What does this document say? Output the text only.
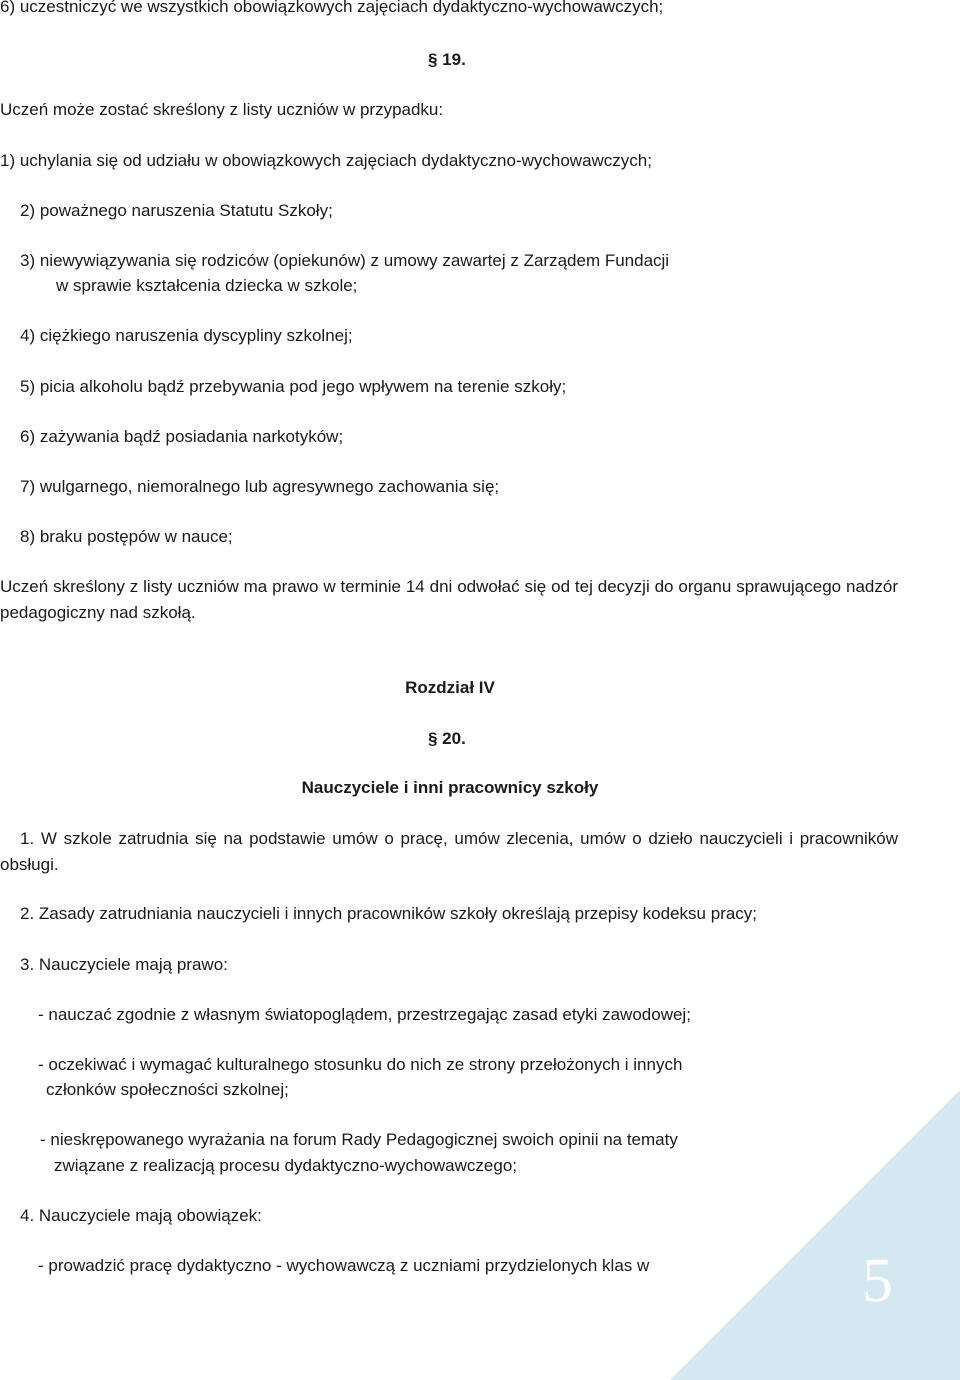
5
6) uczestniczyć we wszystkich obowiązkowych zajęciach dydaktyczno-wychowawczych;
§ 19.
Uczeń może zostać skreślony z listy uczniów w przypadku:
1) uchylania się od udziału w obowiązkowych zajęciach dydaktyczno-wychowawczych;
2) poważnego naruszenia Statutu Szkoły;
3) niewywiązywania się rodziców (opiekunów) z umowy zawartej z Zarządem Fundacji
w sprawie kształcenia dziecka w szkole;
4) ciężkiego naruszenia dyscypliny szkolnej;
5) picia alkoholu bądź przebywania pod jego wpływem na terenie szkoły;
6) zażywania bądź posiadania narkotyków;
7) wulgarnego, niemoralnego lub agresywnego zachowania się;
8) braku postępów w nauce;
Uczeń skreślony z listy uczniów ma prawo w terminie 14 dni odwołać się od tej decyzji do organu sprawującego nadzór pedagogiczny nad szkołą.
Rozdział IV
§ 20.
Nauczyciele i inni pracownicy szkoły
1. W szkole zatrudnia się na podstawie umów o pracę, umów zlecenia, umów o dzieło nauczycieli i pracowników obsługi.
2. Zasady zatrudniania nauczycieli i innych pracowników szkoły określają przepisy kodeksu pracy;
3. Nauczyciele mają prawo:
- nauczać zgodnie z własnym światopoglądem, przestrzegając zasad etyki zawodowej;
- oczekiwać i wymagać kulturalnego stosunku do nich ze strony przełożonych i innych
członków społeczności szkolnej;
- nieskrępowanego wyrażania na forum Rady Pedagogicznej swoich opinii na tematy
związane z realizacją procesu dydaktyczno-wychowawczego;
4. Nauczyciele mają obowiązek:
- prowadzić pracę dydaktyczno - wychowawczą z uczniami przydzielonych klas w
